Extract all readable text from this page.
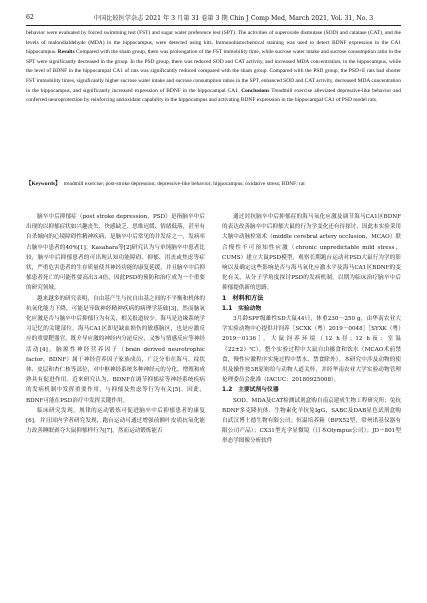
62	中国比较医学杂志 2021 年 3 月第 31 卷第 3 期 Chin J Comp Med, March 2021, Vol. 31, No. 3
behavior were evaluated by forced swimming test (FST) and sugar water preference test (SPT). The activities of superoxide dismutase (SOD) and catalase (CAT), and the levels of malondialdehyde (MDA) in the hippocampus, were detected using kits. Immunohistochemical staining was used to detect BDNF expression in the CA1 hippocampus. Results Compared with the sham group, there was prolongation of the FST immobility time, while sucrose water intake and sucrose consumption ratio in the SPT were significantly decreased in the group. In the PSD group, there was reduced SOD and CAT activity, and increased MDA concentration, in the hippocampus, while the level of BDNF in the hippocampal CA1 of rats was significantly reduced compared with the sham group. Compared with the PSD group, the PSD+E rats had shorter FST immobility times, significantly higher sucrose water intake and sucrose consumption ratios in the SPT, enhanced SOD and CAT activity, decreased MDA concentration in the hippocampus, and significantly increased expression of BDNF in the hippocampal CA1. Conclusions Treadmill exercise alleviated depressive-like behavior and conferred neuroprotection by reinforcing antioxidant capability in the hippocampus and activating BDNF expression in the hippocampal CA1 of PSD model rats.
【Keywords】 treadmill exercise; post-stroke depression; depressive-like behavior; hippocampus; oxidative stress; BDNF; rat

脑卒中后抑郁症（post stroke depression，PSD）是指脑卒中后出现的以抑郁症状如兴趣丧失、快感缺乏、思维迟缓、情绪低落，甚至有自杀倾向的心境障碍性精神疾病，是脑卒中后常见的并发症之一，发病率占脑卒中患者的40%[1]。Kasahara等[2]研究认为与单纯脑卒中患者比较，脑卒中后抑郁患者的可出现认知功能障碍、抑郁、沮丧或焦虑等症状，严重危害患者的生存质量使其神经功能的康复延缓，并且脑卒中后抑郁患者死亡的可能性要高出3.4倍，因此PSD的预防和治疗成为一个重要的研究领域。

越来越多的研究表明，自由基产生与抗自由基之间的不平衡和机体的抗氧化能力下降，可能是导致神经精神疾病的病理学基础[3]，然而脑氧化应激是否与脑卒中后抑郁行为有关，相关报道较少。海马是边缘系统学习记忆的关键部位，海马CA1区即是缺血损伤的敏感脑区，也是应激反应的重要靶器官，既介导应激的神经内分泌反应，又参与情感反应等神经活动[4]。脑源性神经营养因子（brain derived neurotrophic factor，BDNF）属于神经营养因子家族成员，广泛分布在海马、纹状体、皮层和杏仁核等部位，对中枢神经系统多种神经元的分化、增殖和成熟具有促进作用。近来研究认为，BDNF在调节抑郁症等神经系统疾病的发病机制中发挥重要作用，与抑郁及焦虑等行为有关[5]。因此，BDNF可能在PSD治疗中发挥关键作用。

临床研究发现，规律的运动锻炼可促进脑卒中后抑郁患者的康复[6]，并且国内学者研究发现，跑台运动可通过增强前额叶皮质抗氧化能力改善睡眠剥夺大鼠抑郁样行为[7]。然而运动锻炼能否

通过封抗脑卒中后抑郁症的海马氧化应激及调节海马CA1区BDNF的表达改善脑卒中后抑郁大鼠的行为学变化还有待探讨，因此本实验采用大脑中动脉栓塞术（middle cerebral artery occlusion，MCAO）联合慢性不可预知性应激（chronic unpredictable mild stress，CUMS）建立大鼠PSD模型，观察长期跑台运动对PSD大鼠行为学的影响以及确定这些影响是否与海马氧化应激水平及海马CA1区BDNF的变化有关，从分子学角度探讨PSD的发病机制，以期为临床治疗脑卒中后抑郁提供新的思路。

1　材料和方法

1.1　实验动物

3月龄SPF级雄性SD大鼠44只，体重230～250 g，由华南农业大学实验动物中心提供并饲养［SCXK（粤）2019－0048］［SYXK（粤）2019－0136］，大鼠饲养环境（12 h昼；12 h夜；室温（22±2）℃），整个实验过程中大鼠自由摄食和饮水（MCAO术前禁食，慢性应激程序实施过程中禁水、禁食除外）。本研究中涉及动物的使用及操作按3R原则给与动物人道关怀，并经华南农业大学实验动物管理伦理委员会批准（IACUC：20180925008）。

1.2　主要试剂与仪器

SOD、MDA及CAT检测试剂盒购自南京建成生物工程研究所；兔抗BDNF多克隆抗体、生物素化羊抗兔IgG、SABC及DAB显色试剂盒购自武汉博士德生物有限公司；恒温培养箱（BPX52型，常州诺基仪器有限公司产品）；CX31型光学显微镜（日本Olympus公司）；JD－801型形态学图像分析软件
